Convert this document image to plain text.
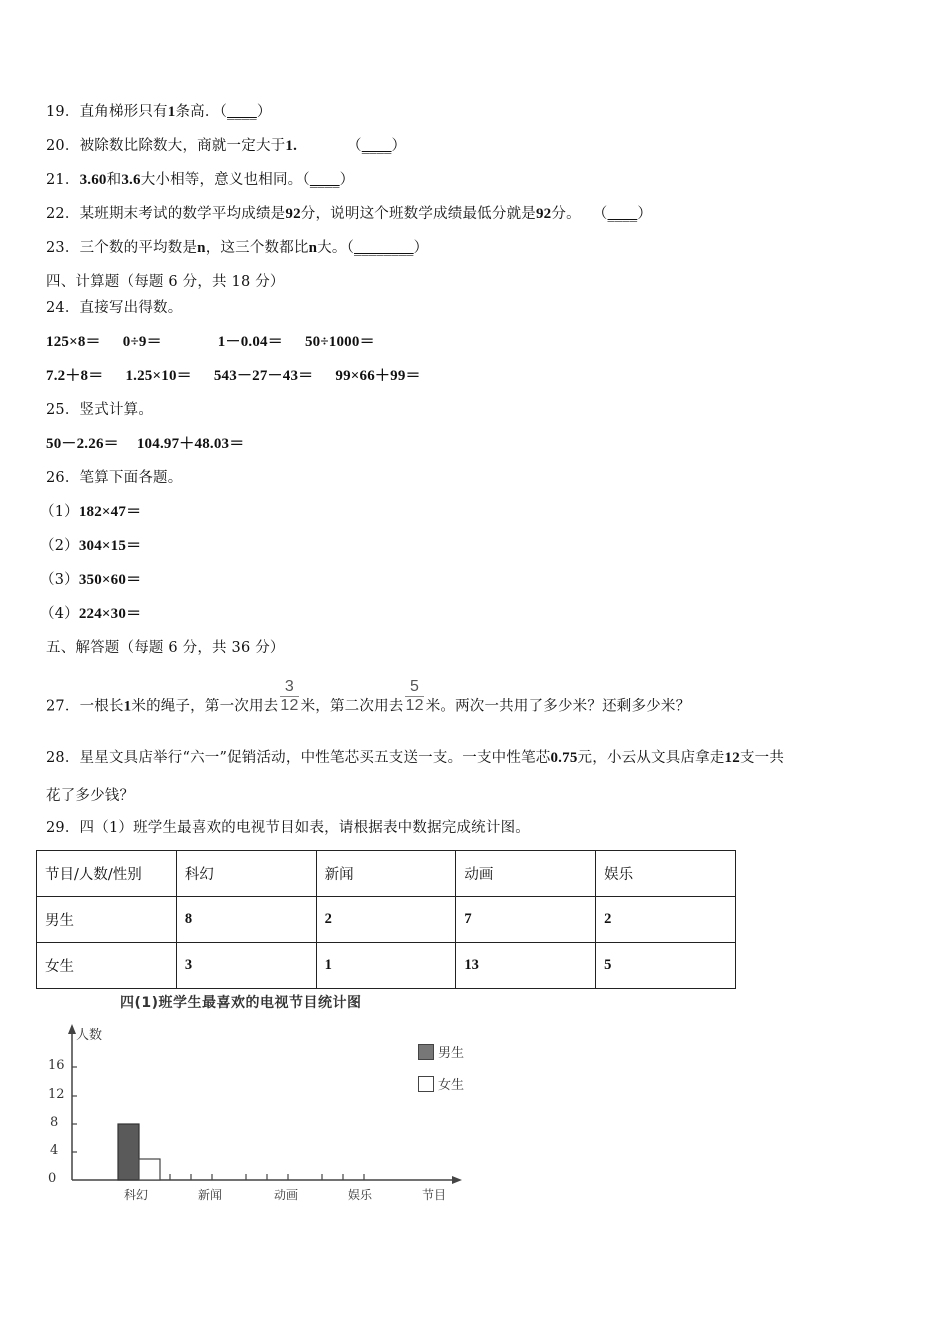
19．直角梯形只有1条高．（____）
20．被除数比除数大，商就一定大于1.	（____）
21．3.60和3.6大小相等，意义也相同。（____）
22．某班期末考试的数学平均成绩是92分，说明这个班数学成绩最低分就是92分。 （____）
23．三个数的平均数是n，这三个数都比n大。（________）
四、计算题（每题 6 分，共 18 分）
24．直接写出得数。
125×8＝ 0÷9＝	1－0.04＝ 50÷1000＝
7.2＋8＝ 1.25×10＝ 543－27－43＝ 99×66＋99＝
25．竖式计算。
50－2.26＝ 104.97＋48.03＝
26．笔算下面各题。
（1）182×47＝
（2）304×15＝
（3）350×60＝
（4）224×30＝
五、解答题（每题 6 分，共 36 分）
27．一根长1米的绳子，第一次用去 $\frac{3}{12}$ 米，第二次用去 $\frac{5}{12}$ 米。两次一共用了多少米？还剩多少米？
28．星星文具店举行“六一”促销活动，中性笔芯买五支送一支。一支中性笔芯0.75元，小云从文具店拿走12支一共
花了多少钱？
29．四（1）班学生最喜欢的电视节目如表，请根据表中数据完成统计图。
节目/人数/性别	科幻	新闻	动画	娱乐
男生	8	2	7	2
女生	3	1	13	5
四(1)班学生最喜欢的电视节目统计图
人数
0
4
8
12
16
科幻	新闻	动画	娱乐	节目
男生
女生
